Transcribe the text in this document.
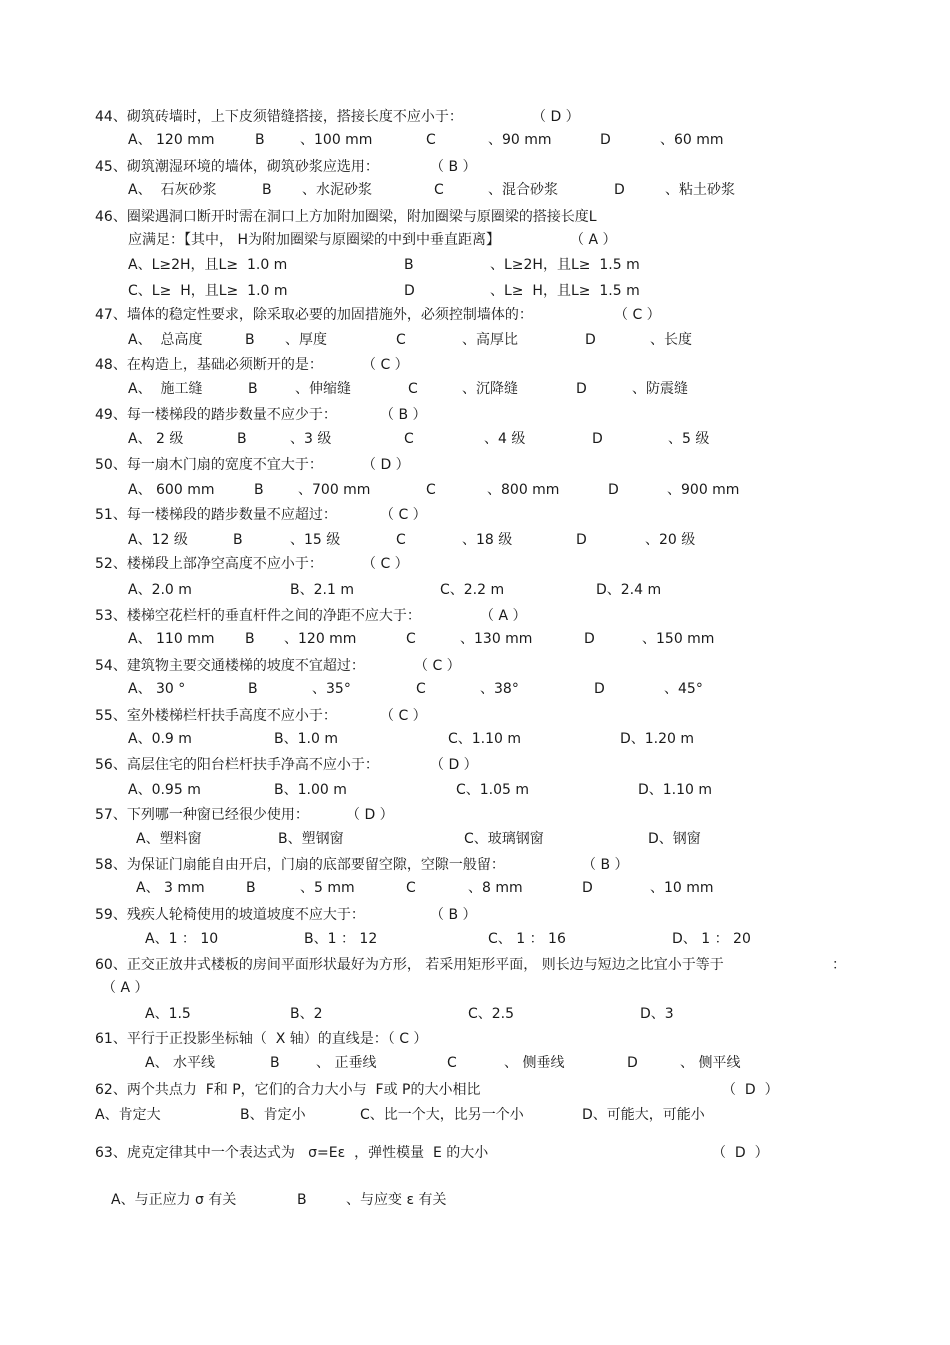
44、砌筑砖墙时，上下皮须错缝搭接，搭接长度不应小于：	（ D ）
A、 120 mm	B	、100 mm	C	、90 mm	D	、60 mm
45、砌筑潮湿环境的墙体，砌筑砂浆应选用：	（ B ）
A、  石灰砂浆	B 、水泥砂浆	C	、混合砂浆	D	、粘土砂浆
46、圈梁遇洞口断开时需在洞口上方加附加圈梁，附加圈梁与原圈梁的搭接长度L
应满足：【其中， H为附加圈梁与原圈梁的中到中垂直距离】	（ A ）
A、L≥2H，且L≥  1.0 m	B	、L≥2H，且L≥  1.5 m
C、L≥  H，且L≥  1.0 m	D	、L≥  H，且L≥  1.5 m
47、墙体的稳定性要求，除采取必要的加固措施外，必须控制墙体的：	（ C ）
A、  总高度	B 、厚度	C	、高厚比	D	、长度
48、在构造上，基础必须断开的是：	（ C ）
A、  施工缝	B	、伸缩缝	C	、沉降缝	D	、防震缝
49、每一楼梯段的踏步数量不应少于：	（ B ）
A、 2 级	B	、3 级	C	、4 级	D	、5 级
50、每一扇木门扇的宽度不宜大于：	（ D ）
A、 600 mm	B 、700 mm	C	、800 mm	D	、900 mm
51、每一楼梯段的踏步数量不应超过：	（ C ）
A、12 级	B	、15 级	C	、18 级	D	、20 级
52、楼梯段上部净空高度不应小于：	（ C ）
A、2.0 m	B、2.1 m	C、2.2 m	D、2.4 m
53、楼梯空花栏杆的垂直杆件之间的净距不应大于：	（ A ）
A、 110 mm B 、120 mm	C	、130 mm	D	、150 mm
54、建筑物主要交通楼梯的坡度不宜超过：	（ C ）
A、 30 °	B	、35°	C	、38°	D	、45°
55、室外楼梯栏杆扶手高度不应小于：	（ C ）
A、0.9 m	B、1.0 m	C、1.10 m	D、1.20 m
56、高层住宅的阳台栏杆扶手净高不应小于：	（ D ）
A、0.95 m	B、1.00 m	C、1.05 m	D、1.10 m
57、下列哪一种窗已经很少使用：	（ D ）
A、塑料窗	B、塑钢窗	C、玻璃钢窗	D、钢窗
58、为保证门扇能自由开启，门扇的底部要留空隙，空隙一般留：	（ B ）
A、 3 mm	B	、5 mm	C	、8 mm	D	、10 mm
59、残疾人轮椅使用的坡道坡度不应大于：	（ B ）
A、1 ： 10	B、1 ： 12	C、 1 ： 16	D、 1 ： 20
60、正交正放井式楼板的房间平面形状最好为方形， 若采用矩形平面， 则长边与短边之比宜小于等于	：
（ A ）
A、1.5	B、2	C、2.5	D、3
61、平行于正投影坐标轴（  X 轴）的直线是：（ C ）
A、 水平线	B	、 正垂线	C	、 侧垂线	D	、 侧平线
62、两个共点力  F和 P，它们的合力大小与  F或 P的大小相比	（  D  ）
A、肯定大	B、肯定小	C、比一个大，比另一个小	D、可能大，可能小
63、虎克定律其中一个表达式为   σ=Eε  ，弹性模量  E 的大小	（  D  ）
A、与正应力 σ 有关	B	、与应变 ε 有关
